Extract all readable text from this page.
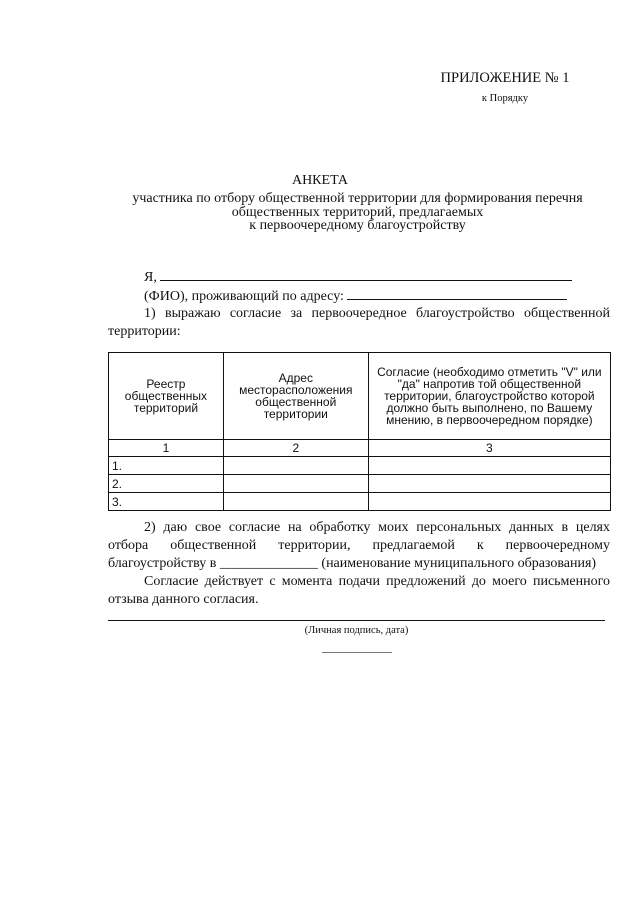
ПРИЛОЖЕНИЕ № 1
к Порядку
АНКЕТА
участника по отбору общественной территории для формирования перечня
общественных территорий, предлагаемых
к первоочередному благоустройству
Я,
(ФИО), проживающий по адресу:
1) выражаю согласие за первоочередное благоустройство общественной территории:
Реестр общественных территорий	Адрес месторасположения общественной территории	Согласие (необходимо отметить "V" или "да" напротив той общественной территории, благоустройство которой должно быть выполнено, по Вашему мнению, в первоочередном порядке)
1	2	3
1.		
2.		
3.		
2) даю свое согласие на обработку моих персональных данных в целях отбора общественной территории, предлагаемой к первоочередному благоустройству в ______________ (наименование муниципального образования)
Согласие действует с момента подачи предложений до моего письменного отзыва данного согласия.
(Личная подпись, дата)
